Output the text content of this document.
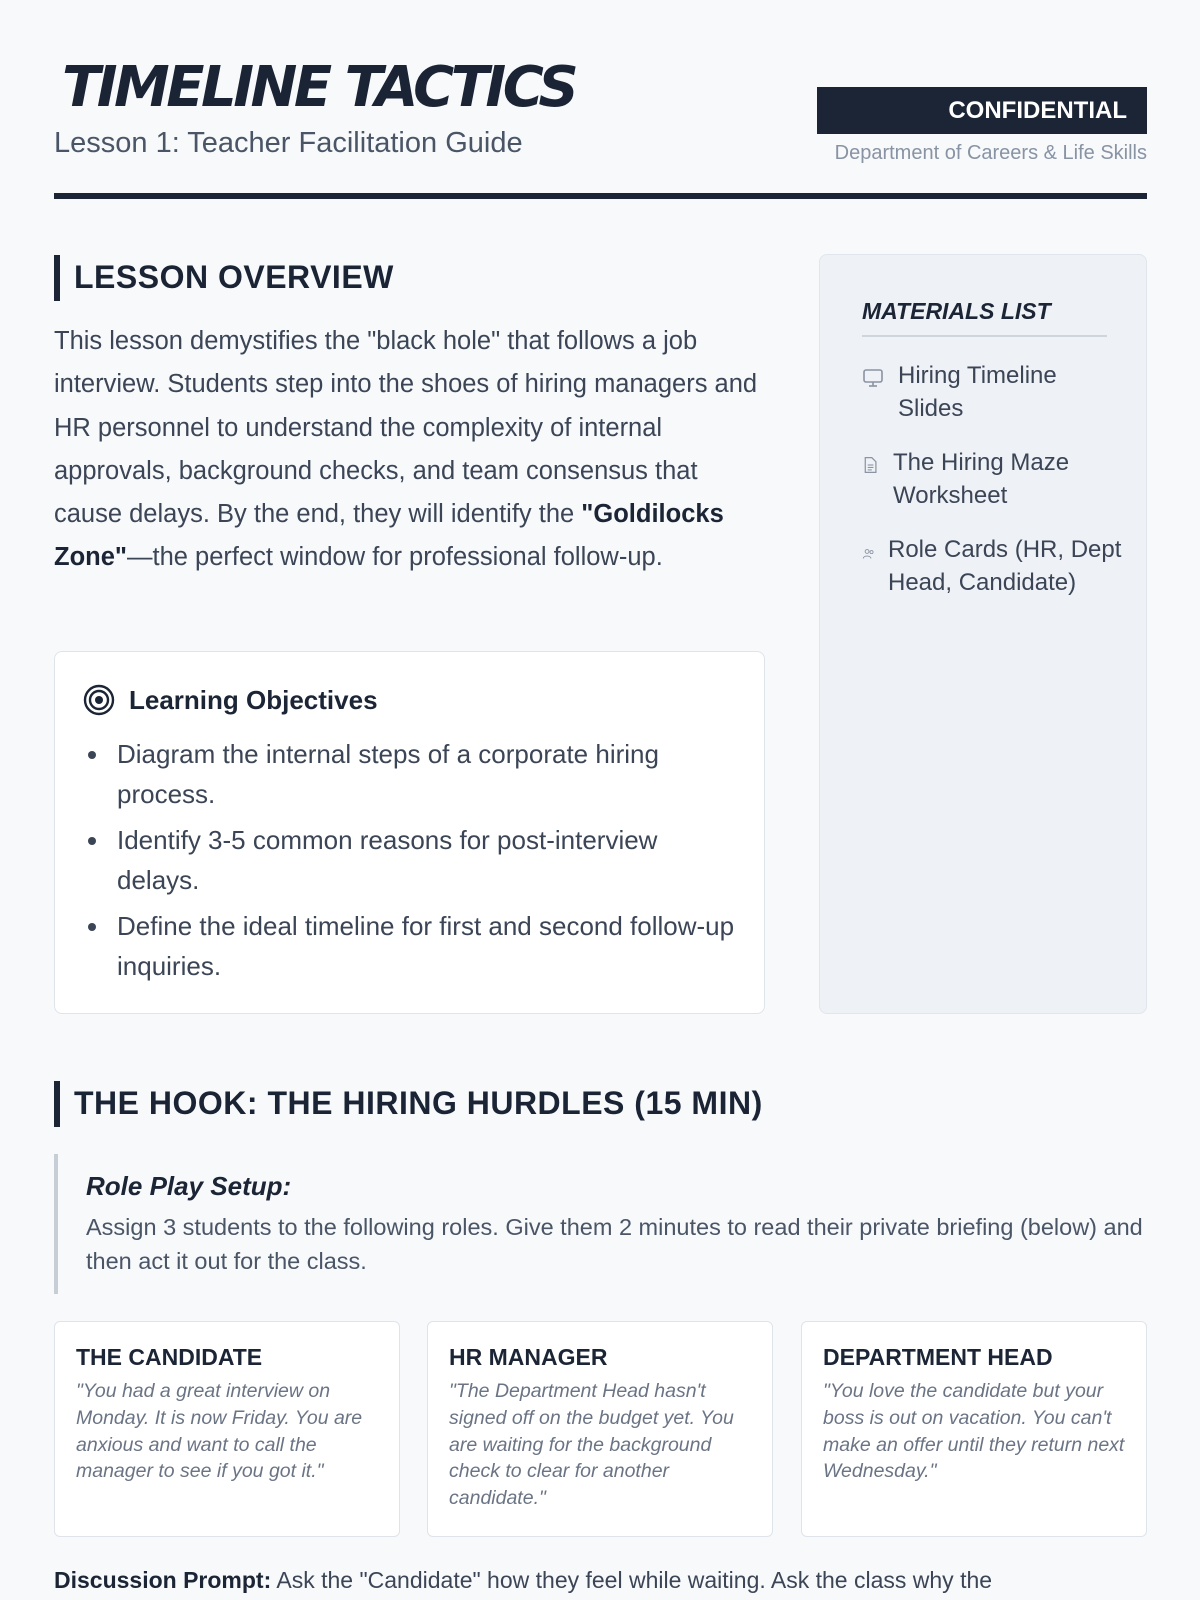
TIMELINE TACTICS
Lesson 1: Teacher Facilitation Guide
CONFIDENTIAL
Department of Careers & Life Skills
LESSON OVERVIEW

This lesson demystifies the "black hole" that follows a job interview. Students step into the shoes of hiring managers and HR personnel to understand the complexity of internal approvals, background checks, and team consensus that cause delays. By the end, they will identify the "Goldilocks Zone"—the perfect window for professional follow-up.

Learning Objectives
Diagram the internal steps of a corporate hiring process.
Identify 3-5 common reasons for post-interview delays.
Define the ideal timeline for first and second follow-up inquiries.
MATERIALS LIST
Hiring Timeline Slides
The Hiring Maze Worksheet
Role Cards (HR, Dept Head, Candidate)
THE HOOK: THE HIRING HURDLES (15 MIN)
Role Play Setup:
Assign 3 students to the following roles. Give them 2 minutes to read their private briefing (below) and then act it out for the class.
THE CANDIDATE
"You had a great interview on Monday. It is now Friday. You are anxious and want to call the manager to see if you got it."
HR MANAGER
"The Department Head hasn't signed off on the budget yet. You are waiting for the background check to clear for another candidate."
DEPARTMENT HEAD
"You love the candidate but your boss is out on vacation. You can't make an offer until they return next Wednesday."

Discussion Prompt: Ask the "Candidate" how they feel while waiting. Ask the class why the
